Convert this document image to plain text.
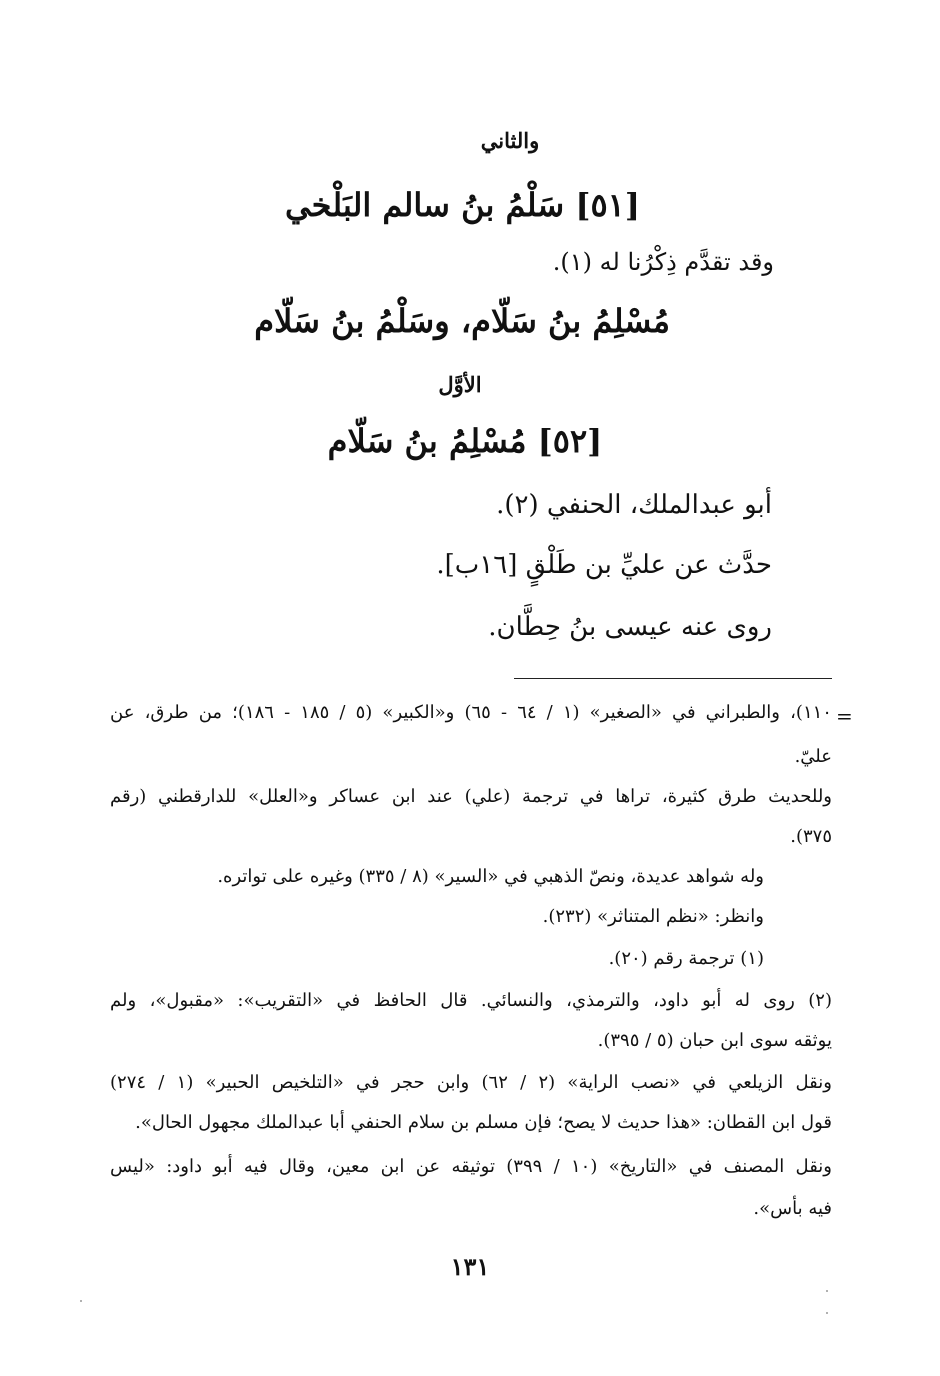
والثاني
[٥١] سَلْمُ بنُ سالم البَلْخي
وقد تقدَّم ذِكْرُنا له (١).
مُسْلِمُ بنُ سَلّام، وسَلْمُ بنُ سَلّام
الأوَّل
[٥٢] مُسْلِمُ بنُ سَلّام
أبو عبدالملك، الحنفي (٢).
حدَّث عن عليِّ بن طَلْقٍ [١٦ب].
روى عنه عيسى بنُ حِطَّان.
=
١١٠)، والطبراني في «الصغير» (١ / ٦٤ - ٦٥) و«الكبير» (٥ / ١٨٥ - ١٨٦)؛ من طرق، عن
عليّ.
وللحديث طرق كثيرة، تراها في ترجمة (علي) عند ابن عساكر و«العلل» للدارقطني (رقم
٣٧٥).
وله شواهد عديدة، ونصّ الذهبي في «السير» (٨ / ٣٣٥) وغيره على تواتره.
وانظر: «نظم المتناثر» (٢٣٢).
(١) ترجمة رقم (٢٠).
(٢) روى له أبو داود، والترمذي، والنسائي. قال الحافظ في «التقريب»: «مقبول»، ولم
يوثقه سوى ابن حبان (٥ / ٣٩٥).
ونقل الزيلعي في «نصب الراية» (٢ / ٦٢) وابن حجر في «التلخيص الحبير» (١ / ٢٧٤)
قول ابن القطان: «هذا حديث لا يصح؛ فإن مسلم بن سلام الحنفي أبا عبدالملك مجهول الحال».
ونقل المصنف في «التاريخ» (١٠ / ٣٩٩) توثيقه عن ابن معين، وقال فيه أبو داود: «ليس
فيه بأس».
١٣١
